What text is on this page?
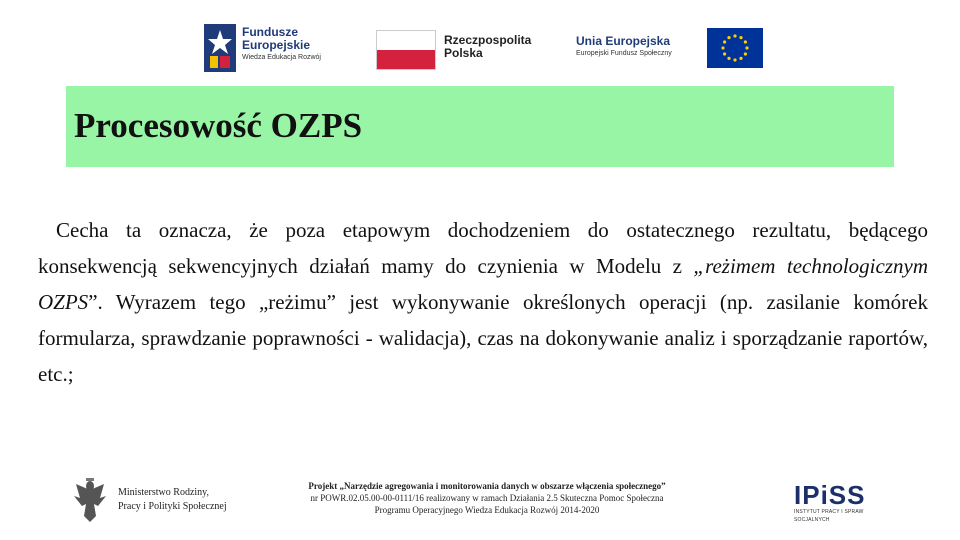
Fundusze
Europejskie
Wiedza Edukacja Rozwój
Rzeczpospolita
Polska
Unia Europejska
Europejski Fundusz Społeczny
Procesowość OZPS

Cecha ta oznacza, że poza etapowym dochodzeniem do ostatecznego rezultatu, będącego konsekwencją sekwencyjnych działań mamy do czynienia w Modelu z „reżimem technologicznym OZPS”. Wyrazem tego „reżimu” jest wykonywanie określonych operacji (np. zasilanie komórek formularza, sprawdzanie poprawności - walidacja), czas na dokonywanie analiz i sporządzanie raportów, etc.;

Ministerstwo Rodziny,
Pracy i Polityki Społecznej
Projekt „Narzędzie agregowania i monitorowania danych w obszarze włączenia społecznego”
nr POWR.02.05.00-00-0111/16 realizowany w ramach Działania 2.5 Skuteczna Pomoc Społeczna
Programu Operacyjnego Wiedza Edukacja Rozwój 2014-2020	IPiSS
INSTYTUT PRACY I SPRAW SOCJALNYCH
